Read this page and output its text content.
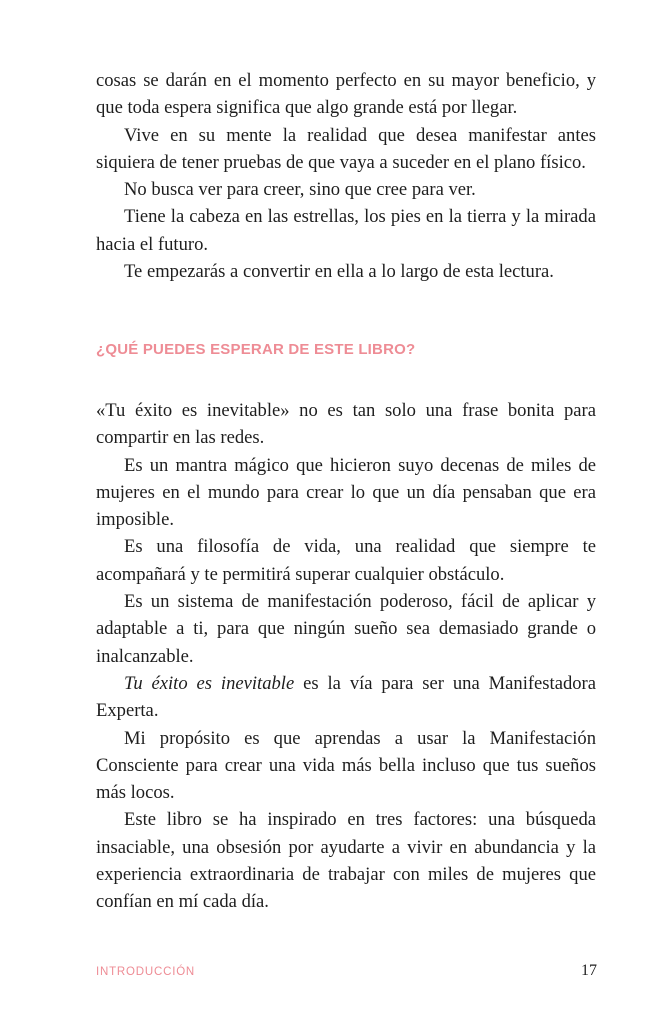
cosas se darán en el momento perfecto en su mayor beneficio, y que toda espera significa que algo grande está por llegar.

Vive en su mente la realidad que desea manifestar antes siquiera de tener pruebas de que vaya a suceder en el plano físico.

No busca ver para creer, sino que cree para ver.

Tiene la cabeza en las estrellas, los pies en la tierra y la mirada hacia el futuro.

Te empezarás a convertir en ella a lo largo de esta lectura.

¿QUÉ PUEDES ESPERAR DE ESTE LIBRO?

«Tu éxito es inevitable» no es tan solo una frase bonita para compartir en las redes.

Es un mantra mágico que hicieron suyo decenas de miles de mujeres en el mundo para crear lo que un día pensaban que era imposible.

Es una filosofía de vida, una realidad que siempre te acompañará y te permitirá superar cualquier obstáculo.

Es un sistema de manifestación poderoso, fácil de aplicar y adaptable a ti, para que ningún sueño sea demasiado grande o inalcanzable.

Tu éxito es inevitable es la vía para ser una Manifestadora Experta.

Mi propósito es que aprendas a usar la Manifestación Consciente para crear una vida más bella incluso que tus sueños más locos.

Este libro se ha inspirado en tres factores: una búsqueda insaciable, una obsesión por ayudarte a vivir en abundancia y la experiencia extraordinaria de trabajar con miles de mujeres que confían en mí cada día.

INTRODUCCIÓN	17
